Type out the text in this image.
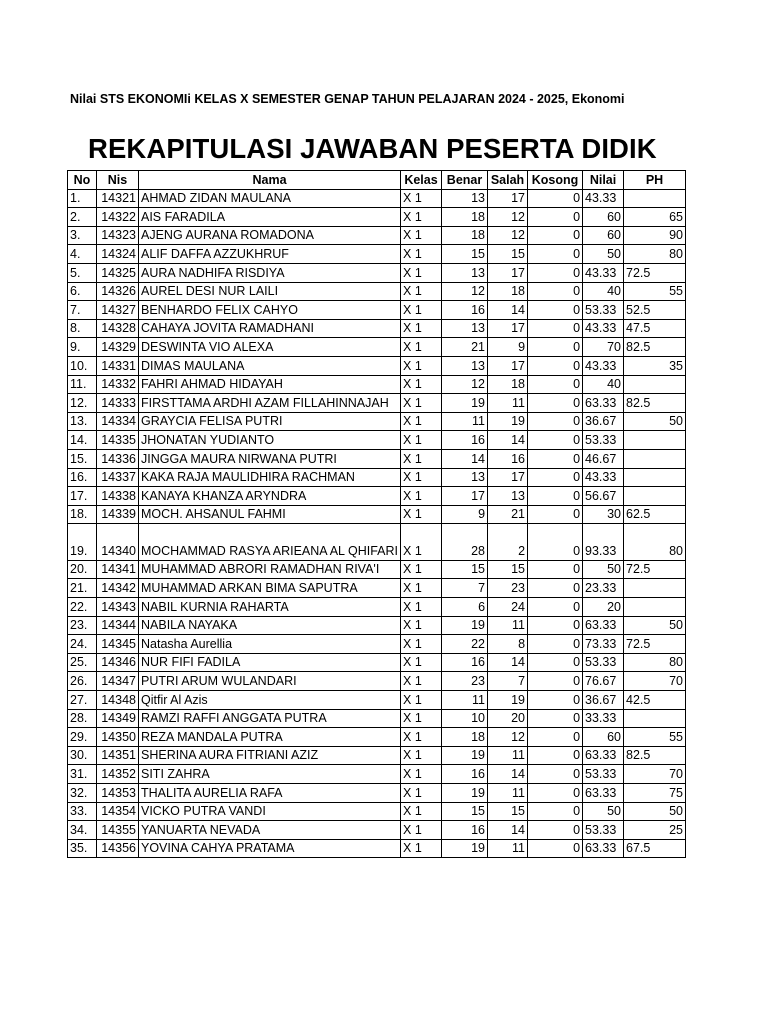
Nilai STS EKONOMIi KELAS X SEMESTER GENAP TAHUN PELAJARAN 2024 - 2025, Ekonomi
REKAPITULASI JAWABAN PESERTA DIDIK
No	Nis	Nama	Kelas	Benar	Salah	Kosong	Nilai	PH
1.	14321	AHMAD ZIDAN MAULANA	X 1	13	17	0	43.33	
2.	14322	AIS FARADILA	X 1	18	12	0	60	65
3.	14323	AJENG AURANA ROMADONA	X 1	18	12	0	60	90
4.	14324	ALIF DAFFA AZZUKHRUF	X 1	15	15	0	50	80
5.	14325	AURA NADHIFA RISDIYA	X 1	13	17	0	43.33	72.5
6.	14326	AUREL DESI NUR LAILI	X 1	12	18	0	40	55
7.	14327	BENHARDO FELIX CAHYO	X 1	16	14	0	53.33	52.5
8.	14328	CAHAYA JOVITA RAMADHANI	X 1	13	17	0	43.33	47.5
9.	14329	DESWINTA VIO ALEXA	X 1	21	9	0	70	82.5
10.	14331	DIMAS MAULANA	X 1	13	17	0	43.33	35
11.	14332	FAHRI AHMAD HIDAYAH	X 1	12	18	0	40	
12.	14333	FIRSTTAMA ARDHI AZAM FILLAHINNAJAH	X 1	19	11	0	63.33	82.5
13.	14334	GRAYCIA FELISA PUTRI	X 1	11	19	0	36.67	50
14.	14335	JHONATAN YUDIANTO	X 1	16	14	0	53.33	
15.	14336	JINGGA MAURA NIRWANA PUTRI	X 1	14	16	0	46.67	
16.	14337	KAKA RAJA MAULIDHIRA RACHMAN	X 1	13	17	0	43.33	
17.	14338	KANAYA KHANZA ARYNDRA	X 1	17	13	0	56.67	
18.	14339	MOCH. AHSANUL FAHMI	X 1	9	21	0	30	62.5
19.	14340	MOCHAMMAD RASYA ARIEANA AL QHIFARI	X 1	28	2	0	93.33	80
20.	14341	MUHAMMAD ABRORI RAMADHAN RIVA'I	X 1	15	15	0	50	72.5
21.	14342	MUHAMMAD ARKAN BIMA SAPUTRA	X 1	7	23	0	23.33	
22.	14343	NABIL KURNIA RAHARTA	X 1	6	24	0	20	
23.	14344	NABILA NAYAKA	X 1	19	11	0	63.33	50
24.	14345	Natasha Aurellia	X 1	22	8	0	73.33	72.5
25.	14346	NUR FIFI FADILA	X 1	16	14	0	53.33	80
26.	14347	PUTRI ARUM WULANDARI	X 1	23	7	0	76.67	70
27.	14348	Qitfir Al Azis	X 1	11	19	0	36.67	42.5
28.	14349	RAMZI RAFFI ANGGATA PUTRA	X 1	10	20	0	33.33	
29.	14350	REZA MANDALA PUTRA	X 1	18	12	0	60	55
30.	14351	SHERINA AURA FITRIANI AZIZ	X 1	19	11	0	63.33	82.5
31.	14352	SITI ZAHRA	X 1	16	14	0	53.33	70
32.	14353	THALITA AURELIA RAFA	X 1	19	11	0	63.33	75
33.	14354	VICKO PUTRA VANDI	X 1	15	15	0	50	50
34.	14355	YANUARTA NEVADA	X 1	16	14	0	53.33	25
35.	14356	YOVINA CAHYA PRATAMA	X 1	19	11	0	63.33	67.5
